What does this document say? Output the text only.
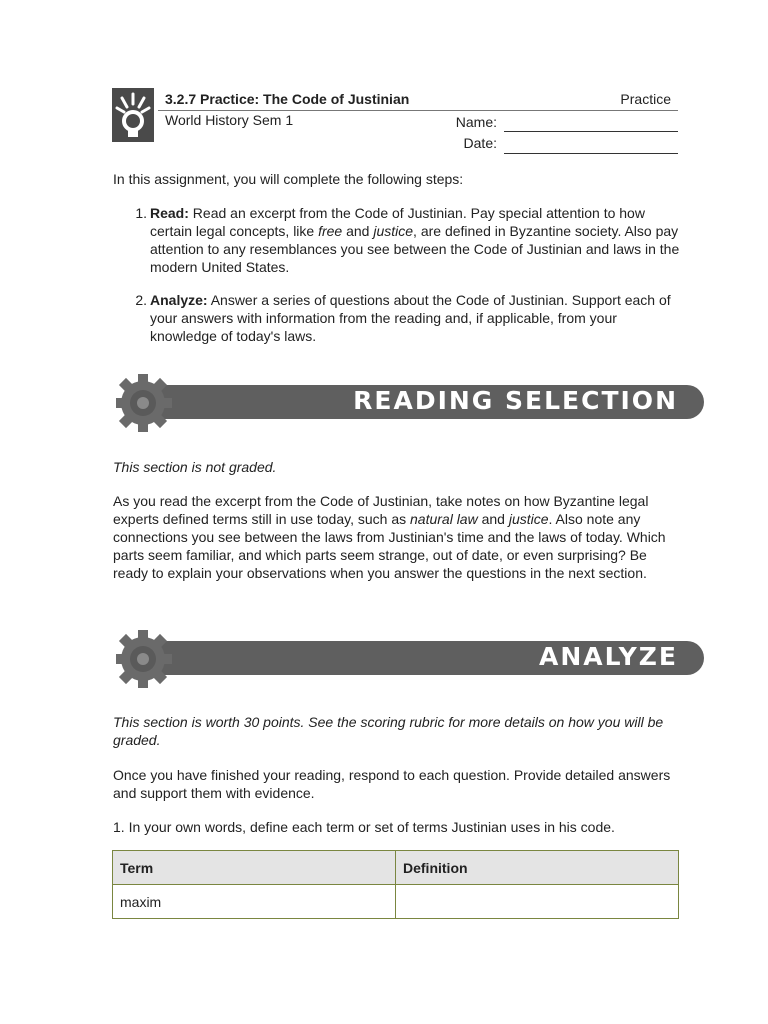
3.2.7 Practice: The Code of Justinian	Practice
World History Sem 1	Name:
Date:
In this assignment, you will complete the following steps:
1. Read: Read an excerpt from the Code of Justinian. Pay special attention to how certain legal concepts, like free and justice, are defined in Byzantine society. Also pay attention to any resemblances you see between the Code of Justinian and laws in the modern United States.
2. Analyze: Answer a series of questions about the Code of Justinian. Support each of your answers with information from the reading and, if applicable, from your knowledge of today's laws.
READING SELECTION
This section is not graded.
As you read the excerpt from the Code of Justinian, take notes on how Byzantine legal experts defined terms still in use today, such as natural law and justice. Also note any connections you see between the laws from Justinian's time and the laws of today. Which parts seem familiar, and which parts seem strange, out of date, or even surprising? Be ready to explain your observations when you answer the questions in the next section.
ANALYZE
This section is worth 30 points. See the scoring rubric for more details on how you will be graded.
Once you have finished your reading, respond to each question. Provide detailed answers and support them with evidence.
1. In your own words, define each term or set of terms Justinian uses in his code.
Term	Definition
maxim	
